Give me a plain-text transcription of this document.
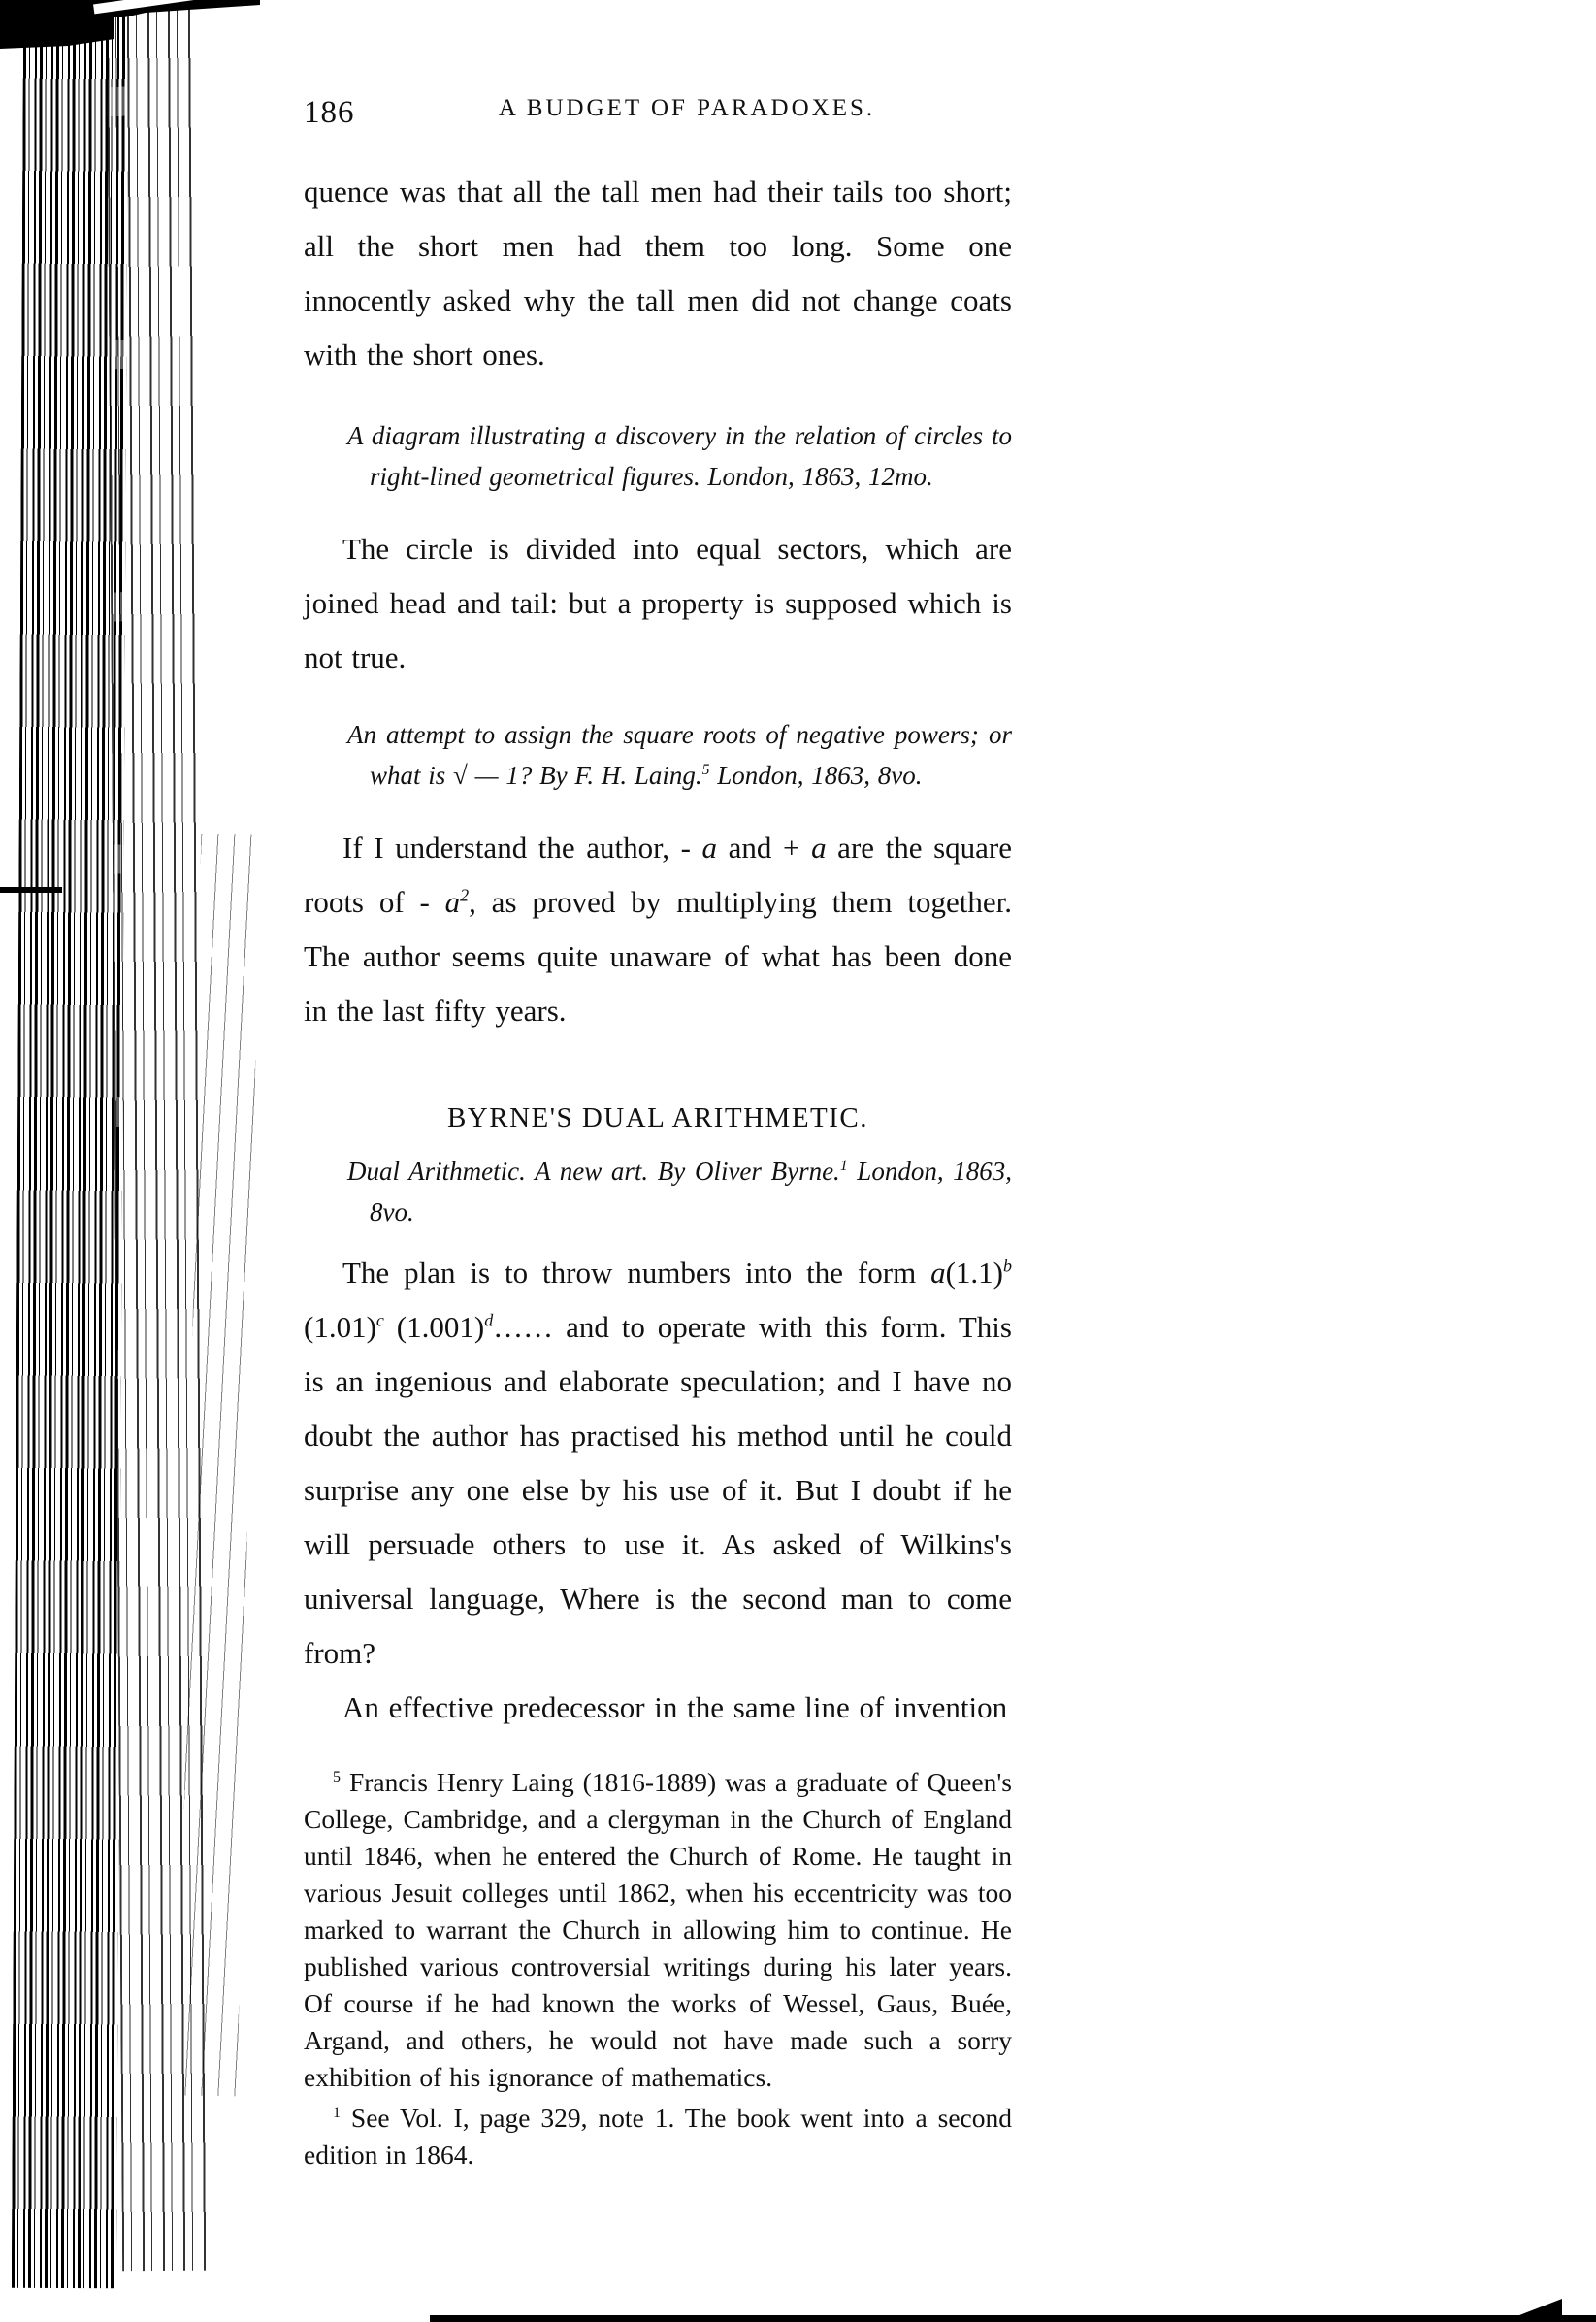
186	A BUDGET OF PARADOXES.
quence was that all the tall men had their tails too short; all the short men had them too long. Some one innocently asked why the tall men did not change coats with the short ones.
A diagram illustrating a discovery in the relation of circles to right-lined geometrical figures. London, 1863, 12mo.
The circle is divided into equal sectors, which are joined head and tail: but a property is supposed which is not true.
An attempt to assign the square roots of negative powers; or what is √ — 1? By F. H. Laing.$^5$ London, 1863, 8vo.
If I understand the author, - a and + a are the square roots of - $a^2$, as proved by multiplying them together. The author seems quite unaware of what has been done in the last fifty years.
BYRNE'S DUAL ARITHMETIC.
Dual Arithmetic. A new art. By Oliver Byrne.$^1$ London, 1863, 8vo.
The plan is to throw numbers into the form $a(1.1)^b$ $(1.01)^c$ $(1.001)^d\dots\dots$ and to operate with this form. This is an ingenious and elaborate speculation; and I have no doubt the author has practised his method until he could surprise any one else by his use of it. But I doubt if he will persuade others to use it. As asked of Wilkins's universal language, Where is the second man to come from?
An effective predecessor in the same line of invention
$^5$ Francis Henry Laing (1816-1889) was a graduate of Queen's College, Cambridge, and a clergyman in the Church of England until 1846, when he entered the Church of Rome. He taught in various Jesuit colleges until 1862, when his eccentricity was too marked to warrant the Church in allowing him to continue. He published various controversial writings during his later years. Of course if he had known the works of Wessel, Gaus, Buée, Argand, and others, he would not have made such a sorry exhibition of his ignorance of mathematics.
$^1$ See Vol. I, page 329, note 1. The book went into a second edition in 1864.
